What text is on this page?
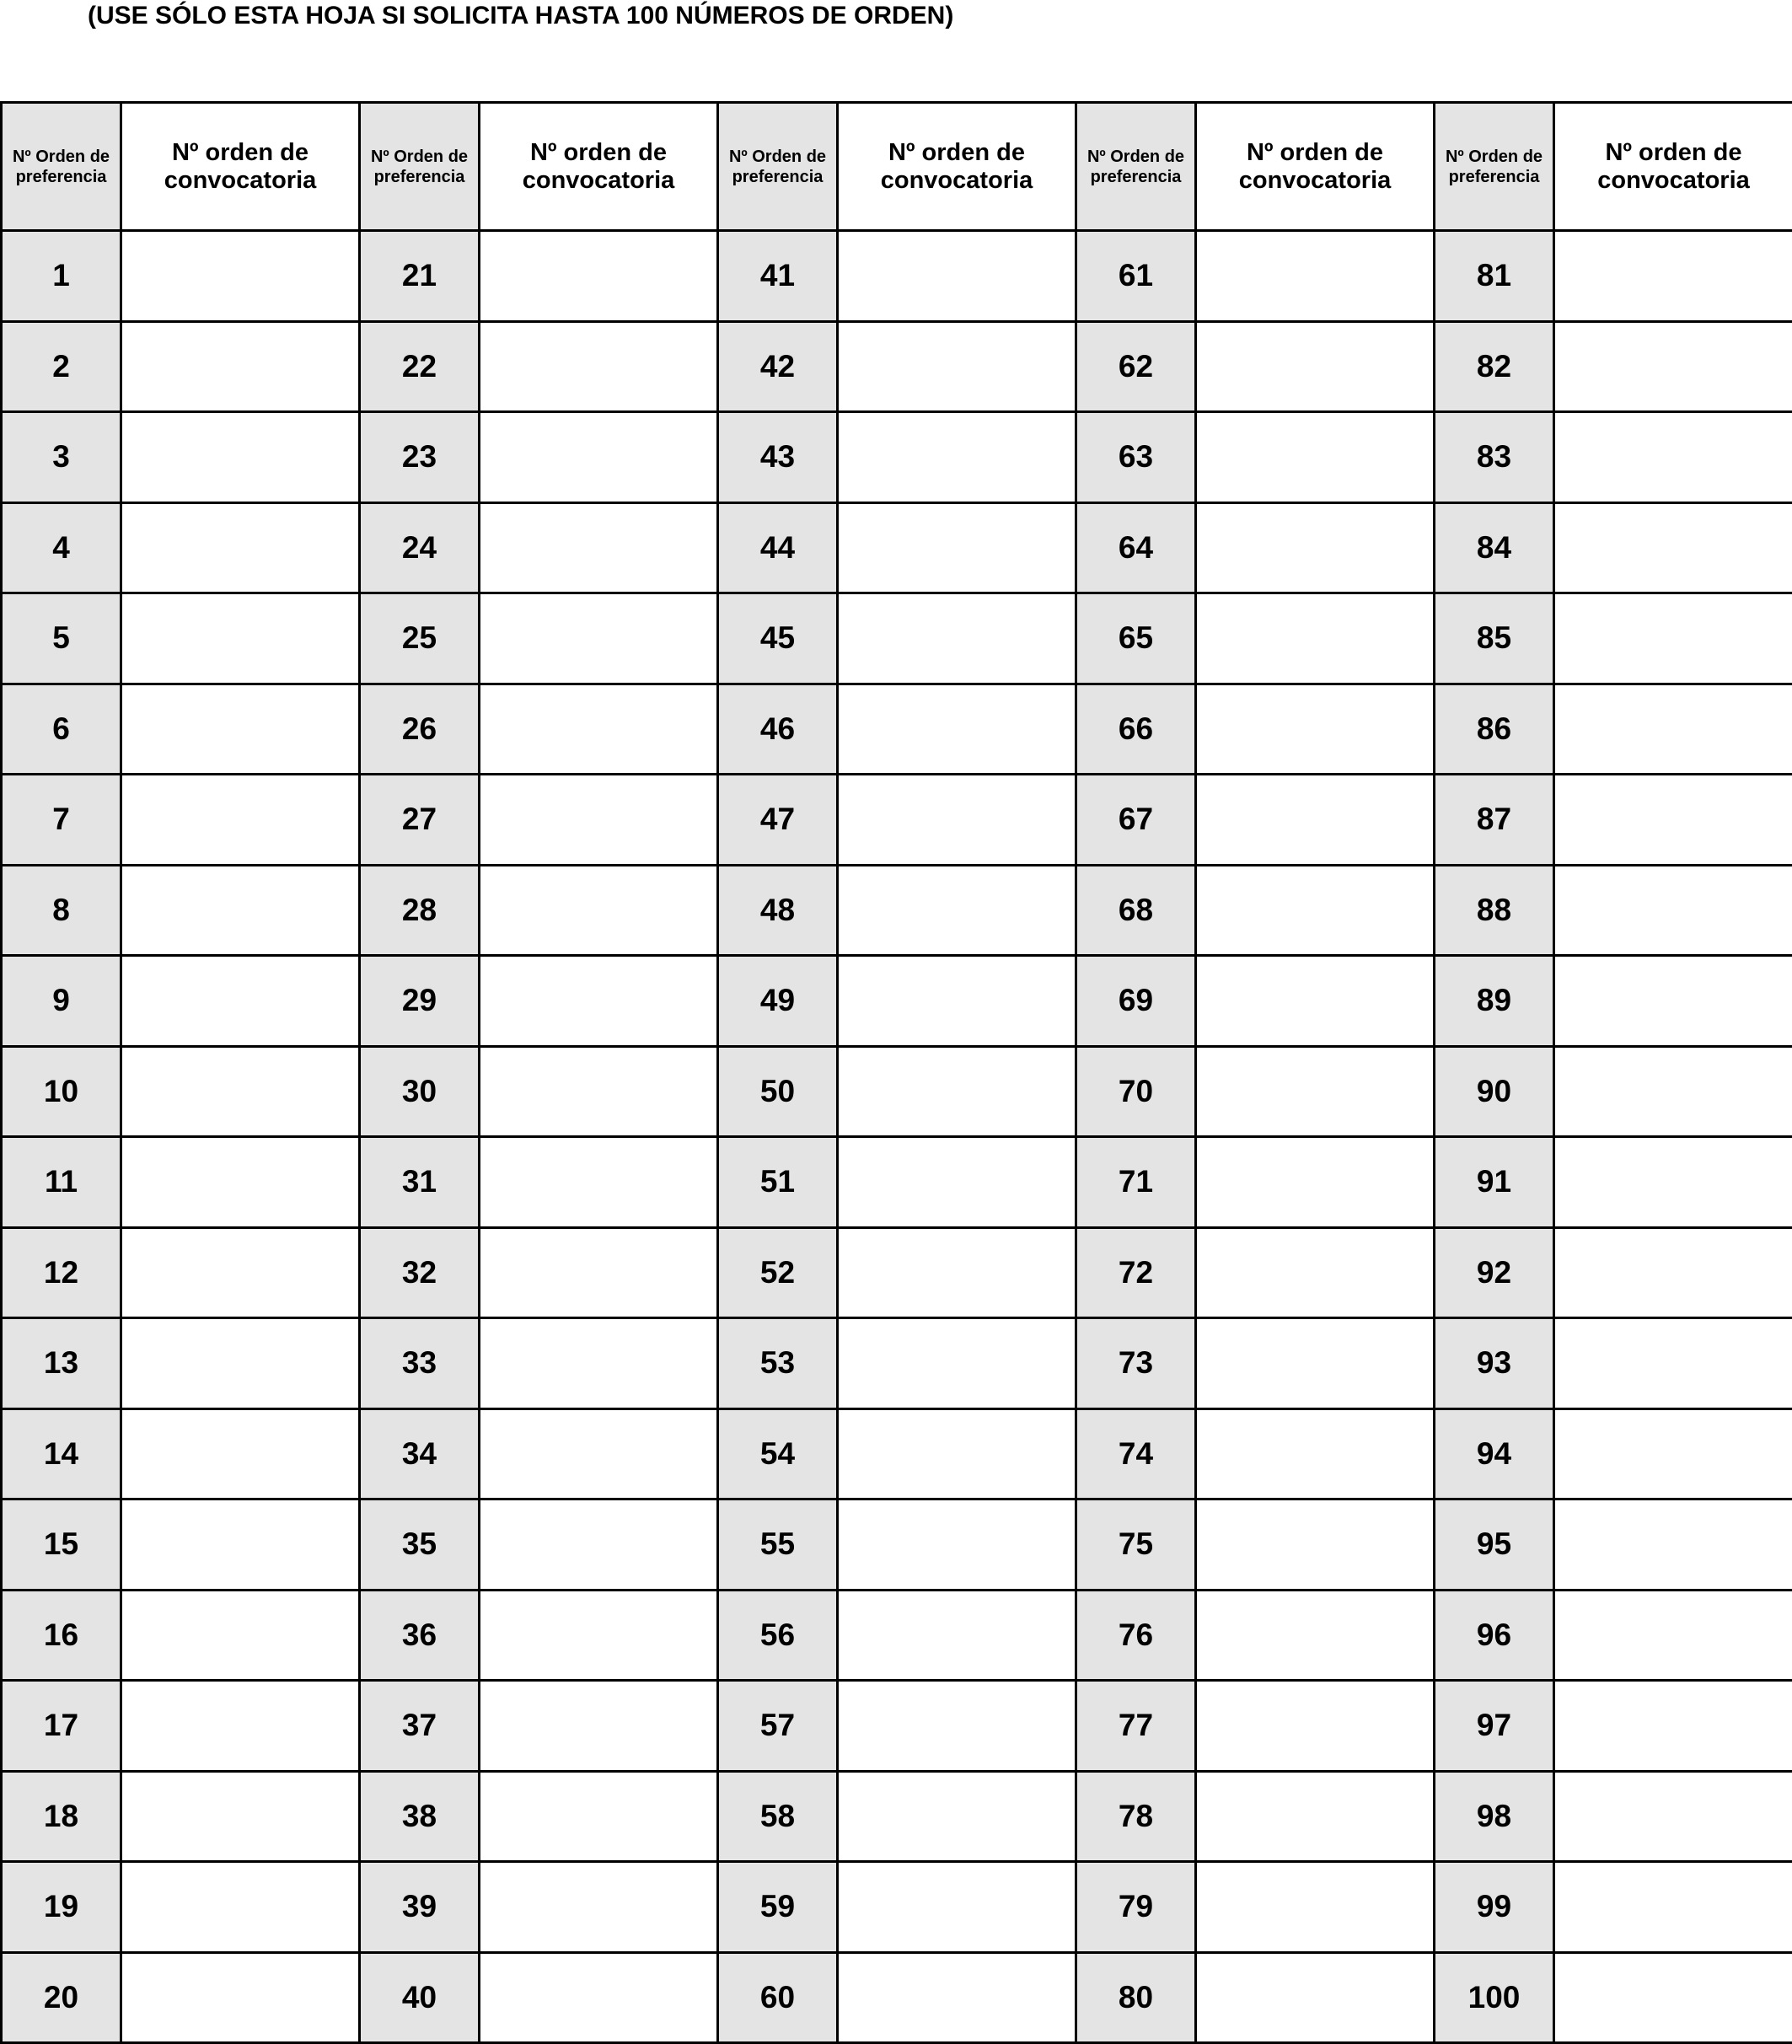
(USE SÓLO ESTA HOJA SI SOLICITA HASTA 100 NÚMEROS DE ORDEN)
Nº Orden de preferencia	Nº orden de convocatoria	Nº Orden de preferencia	Nº orden de convocatoria	Nº Orden de preferencia	Nº orden de convocatoria	Nº Orden de preferencia	Nº orden de convocatoria	Nº Orden de preferencia	Nº orden de convocatoria

1		21		41		61		81	
2		22		42		62		82	
3		23		43		63		83	
4		24		44		64		84	
5		25		45		65		85	
6		26		46		66		86	
7		27		47		67		87	
8		28		48		68		88	
9		29		49		69		89	
10		30		50		70		90	
11		31		51		71		91	
12		32		52		72		92	
13		33		53		73		93	
14		34		54		74		94	
15		35		55		75		95	
16		36		56		76		96	
17		37		57		77		97	
18		38		58		78		98	
19		39		59		79		99	
20		40		60		80		100	
